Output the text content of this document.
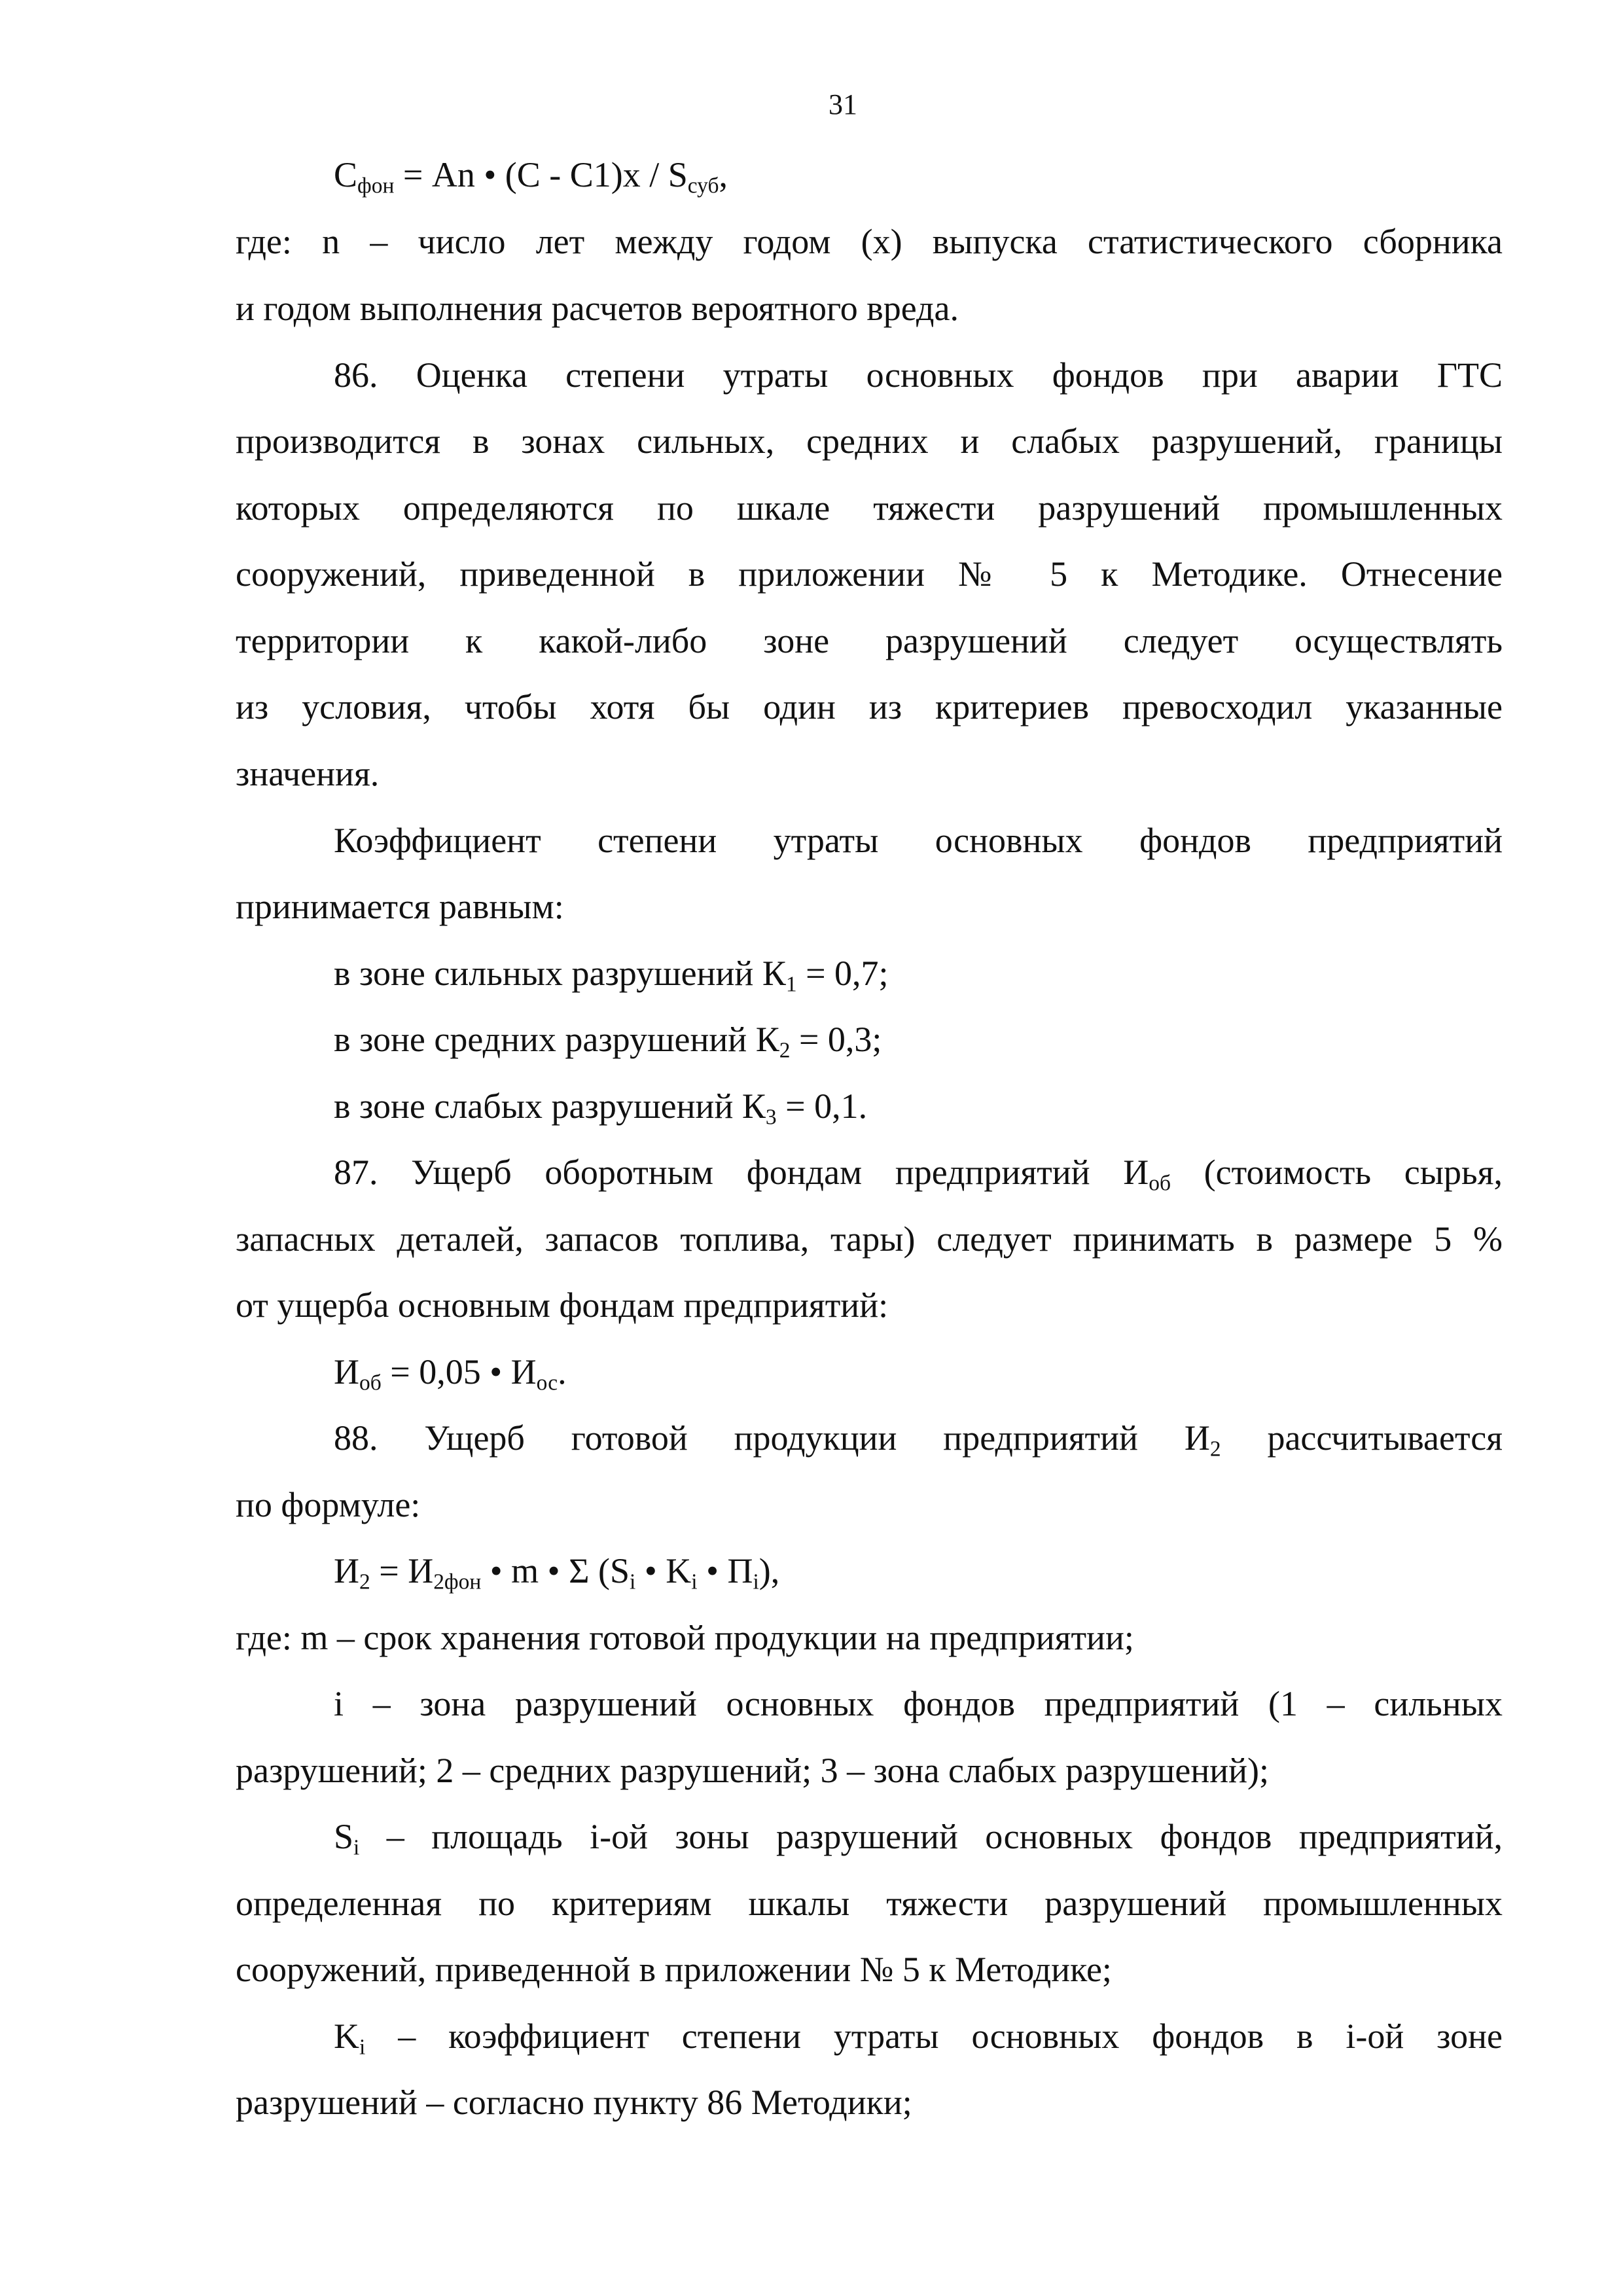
31
$С_{фон}$ = Аn • $(С - С1)x / S_{суб}$,
где: n – число лет между годом (х) выпуска статистического сборника
и годом выполнения расчетов вероятного вреда.
86. Оценка степени утраты основных фондов при аварии ГТС
производится в зонах сильных, средних и слабых разрушений, границы
которых определяются по шкале тяжести разрушений промышленных
сооружений, приведенной в приложении № 5 к Методике. Отнесение
территории к какой-либо зоне разрушений следует осуществлять
из условия, чтобы хотя бы один из критериев превосходил указанные
значения.
Коэффициент степени утраты основных фондов предприятий
принимается равным:
в зоне сильных разрушений $К_1 = 0,7$;
в зоне средних разрушений $К_2 = 0,3$;
в зоне слабых разрушений $К_3 = 0,1$.
87. Ущерб оборотным фондам предприятий $И_{об}$ (стоимость сырья,
запасных деталей, запасов топлива, тары) следует принимать в размере 5 %
от ущерба основным фондам предприятий:
$И_{об} = 0,05$ • $И_{ос}$.
88. Ущерб готовой продукции предприятий $И_2$ рассчитывается
по формуле:
$И_2 = И_{2фон}$ • m • Σ ($S_i$ • $K_i$ • $П_i$),
где: m – срок хранения готовой продукции на предприятии;
i – зона разрушений основных фондов предприятий (1 – сильных
разрушений; 2 – средних разрушений; 3 – зона слабых разрушений);
$S_i$ – площадь i-ой зоны разрушений основных фондов предприятий,
определенная по критериям шкалы тяжести разрушений промышленных
сооружений, приведенной в приложении № 5 к Методике;
$K_i$ – коэффициент степени утраты основных фондов в i-ой зоне
разрушений – согласно пункту 86 Методики;
